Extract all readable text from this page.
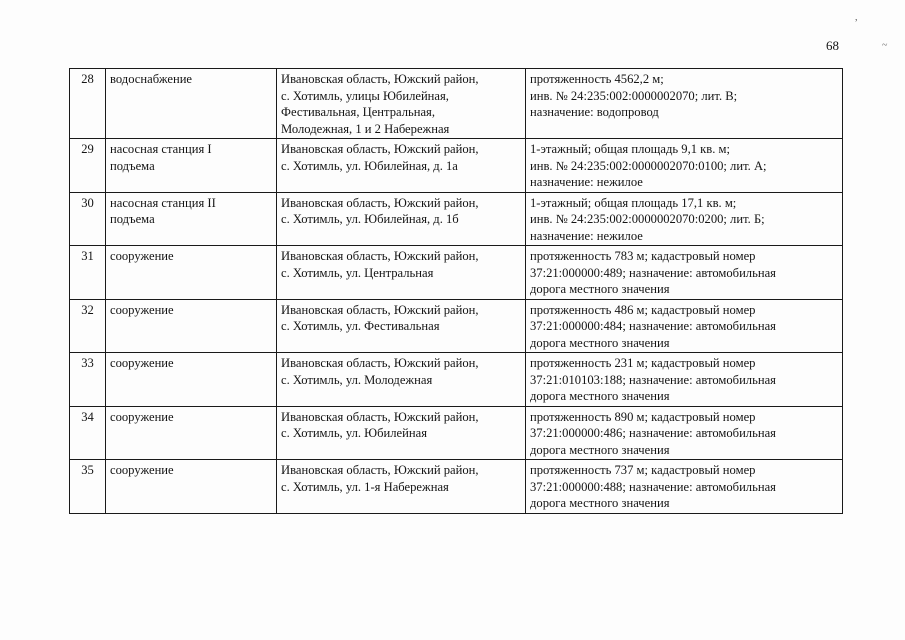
,
~
68
28	водоснабжение	Ивановская область, Южский район,
с. Хотимль, улицы Юбилейная,
Фестивальная, Центральная,
Молодежная, 1 и 2 Набережная	протяженность 4562,2 м;
инв. № 24:235:002:0000002070; лит. В;
назначение: водопровод
29	насосная станция I
подъема	Ивановская область, Южский район,
с. Хотимль, ул. Юбилейная, д. 1а	1-этажный; общая площадь 9,1 кв. м;
инв. № 24:235:002:0000002070:0100; лит. А;
назначение: нежилое
30	насосная станция II
подъема	Ивановская область, Южский район,
с. Хотимль, ул. Юбилейная, д. 1б	1-этажный; общая площадь 17,1 кв. м;
инв. № 24:235:002:0000002070:0200; лит. Б;
назначение: нежилое
31	сооружение	Ивановская область, Южский район,
с. Хотимль, ул. Центральная	протяженность 783 м; кадастровый номер
37:21:000000:489; назначение: автомобильная
дорога местного значения
32	сооружение	Ивановская область, Южский район,
с. Хотимль, ул. Фестивальная	протяженность 486 м; кадастровый номер
37:21:000000:484; назначение: автомобильная
дорога местного значения
33	сооружение	Ивановская область, Южский район,
с. Хотимль, ул. Молодежная	протяженность 231 м; кадастровый номер
37:21:010103:188; назначение: автомобильная
дорога местного значения
34	сооружение	Ивановская область, Южский район,
с. Хотимль, ул. Юбилейная	протяженность 890 м; кадастровый номер
37:21:000000:486; назначение: автомобильная
дорога местного значения
35	сооружение	Ивановская область, Южский район,
с. Хотимль, ул. 1-я Набережная	протяженность 737 м; кадастровый номер
37:21:000000:488; назначение: автомобильная
дорога местного значения
